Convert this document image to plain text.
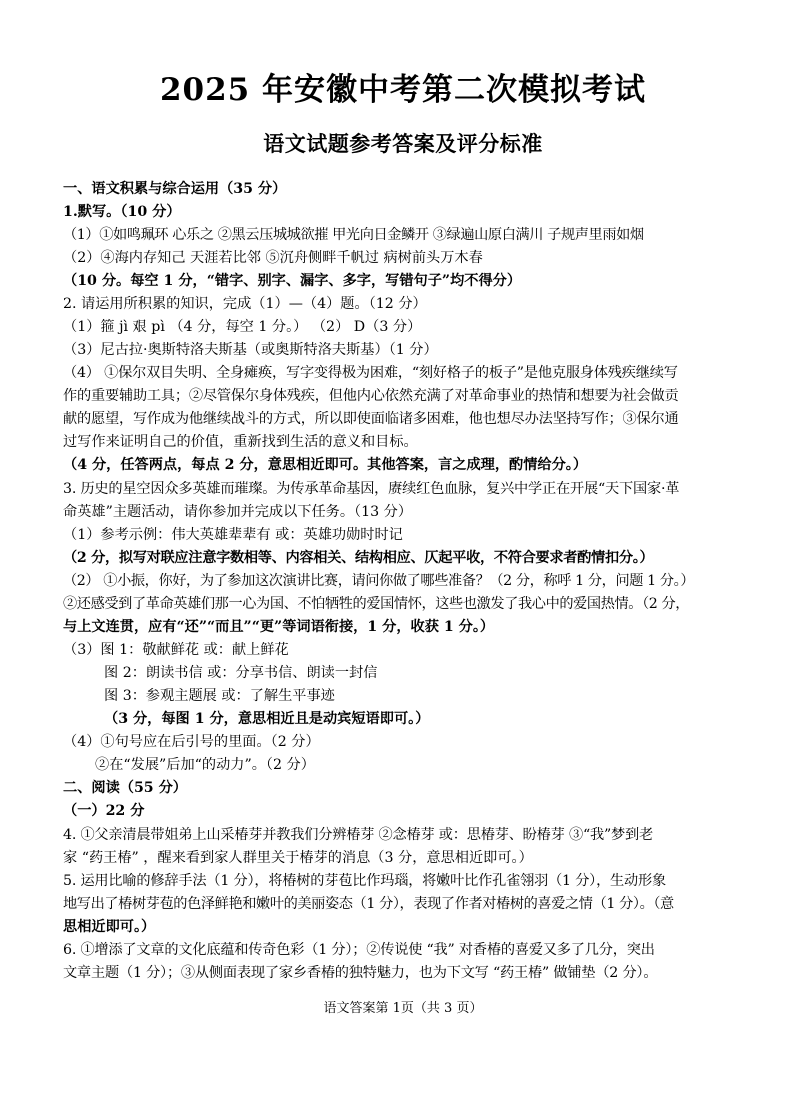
2025 年安徽中考第二次模拟考试
语文试题参考答案及评分标准
一、语文积累与综合运用（35 分）
1.默写。（10 分）
（1）①如鸣珮环 心乐之 ②黑云压城城欲摧 甲光向日金鳞开 ③绿遍山原白满川 子规声里雨如烟
（2）④海内存知己 天涯若比邻 ⑤沉舟侧畔千帆过 病树前头万木春
（10 分。每空 1 分，“错字、别字、漏字、多字，写错句子”均不得分）
2. 请运用所积累的知识，完成（1）—（4）题。（12 分）
（1）箍 jì 艰 pì （4 分，每空 1 分。） （2） D（3 分）
（3）尼古拉·奥斯特洛夫斯基（或奥斯特洛夫斯基）（1 分）
（4） ①保尔双目失明、全身瘫痪，写字变得极为困难，“刻好格子的板子”是他克服身体残疾继续写
作的重要辅助工具；②尽管保尔身体残疾，但他内心依然充满了对革命事业的热情和想要为社会做贡
献的愿望，写作成为他继续战斗的方式，所以即使面临诸多困难，他也想尽办法坚持写作；③保尔通
过写作来证明自己的价值，重新找到生活的意义和目标。
（4 分，任答两点，每点 2 分，意思相近即可。其他答案，言之成理，酌情给分。）
3. 历史的星空因众多英雄而璀璨。为传承革命基因，赓续红色血脉，复兴中学正在开展“天下国家·革
命英雄”主题活动，请你参加并完成以下任务。（13 分）
（1）参考示例：伟大英雄辈辈有 或：英雄功勋时时记
（2 分，拟写对联应注意字数相等、内容相关、结构相应、仄起平收，不符合要求者酌情扣分。）
（2） ①小振，你好，为了参加这次演讲比赛，请问你做了哪些准备？（2 分，称呼 1 分，问题 1 分。）
②还感受到了革命英雄们那一心为国、不怕牺牲的爱国情怀，这些也激发了我心中的爱国热情。（2 分，
与上文连贯，应有“还”“而且”“更”等词语衔接，1 分，收获 1 分。）
（3）图 1：敬献鲜花 或：献上鲜花
图 2：朗读书信 或：分享书信、朗读一封信
图 3：参观主题展 或：了解生平事迹
（3 分，每图 1 分，意思相近且是动宾短语即可。）
（4）①句号应在后引号的里面。（2 分）
②在“发展”后加“的动力”。（2 分）
二、阅读（55 分）
（一）22 分
4. ①父亲清晨带姐弟上山采椿芽并教我们分辨椿芽 ②念椿芽 或：思椿芽、盼椿芽 ③“我”梦到老
家 “药王椿” ，醒来看到家人群里关于椿芽的消息（3 分，意思相近即可。）
5. 运用比喻的修辞手法（1 分），将椿树的芽苞比作玛瑙，将嫩叶比作孔雀翎羽（1 分），生动形象
地写出了椿树芽苞的色泽鲜艳和嫩叶的美丽姿态（1 分），表现了作者对椿树的喜爱之情（1 分）。（意
思相近即可。）
6. ①增添了文章的文化底蕴和传奇色彩（1 分）；②传说使 “我” 对香椿的喜爱又多了几分，突出
文章主题（1 分）；③从侧面表现了家乡香椿的独特魅力，也为下文写 “药王椿” 做铺垫（2 分）。
语文答案第 1页（共 3 页）
